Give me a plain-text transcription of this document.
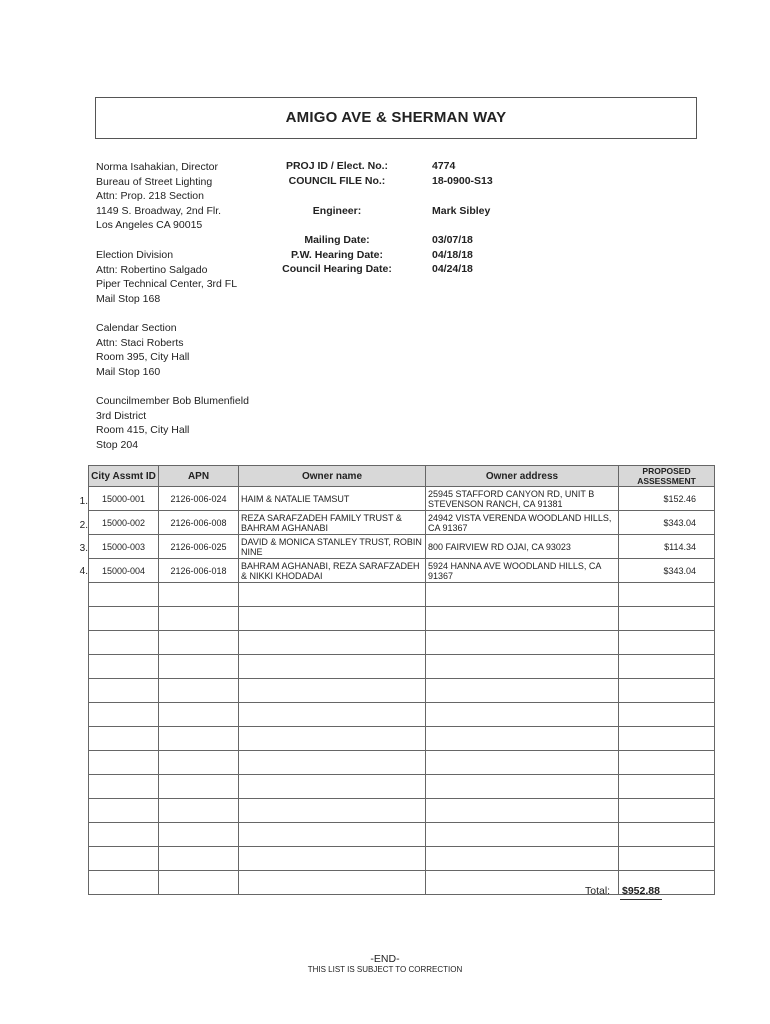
AMIGO AVE & SHERMAN WAY
Norma Isahakian, Director
Bureau of Street Lighting
Attn: Prop. 218 Section
1149 S. Broadway, 2nd Flr.
Los Angeles CA 90015
Election Division
Attn: Robertino Salgado
Piper Technical Center, 3rd FL
Mail Stop 168
Calendar Section
Attn: Staci Roberts
Room 395, City Hall
Mail Stop 160
Councilmember Bob Blumenfield
3rd District
Room 415, City Hall
Stop 204
PROJ ID / Elect. No.:	4774
COUNCIL FILE No.:	18-0900-S13
Engineer:	Mark Sibley
Mailing Date:	03/07/18
P.W. Hearing Date:	04/18/18
Council Hearing Date:	04/24/18
1.
2.
3.
4.
City Assmt ID	APN	Owner name	Owner address	PROPOSED ASSESSMENT
15000-001	2126-006-024	HAIM & NATALIE TAMSUT	25945 STAFFORD CANYON RD, UNIT B STEVENSON RANCH, CA 91381	$152.46
15000-002	2126-006-008	REZA SARAFZADEH FAMILY TRUST & BAHRAM AGHANABI	24942 VISTA VERENDA WOODLAND HILLS, CA 91367	$343.04
15000-003	2126-006-025	DAVID & MONICA STANLEY TRUST, ROBIN NINE	800 FAIRVIEW RD OJAI, CA 93023	$114.34
15000-004	2126-006-018	BAHRAM AGHANABI, REZA SARAFZADEH & NIKKI KHODADAI	5924 HANNA AVE WOODLAND HILLS, CA 91367	$343.04

Total: $952.88
-END-
THIS LIST IS SUBJECT TO CORRECTION
